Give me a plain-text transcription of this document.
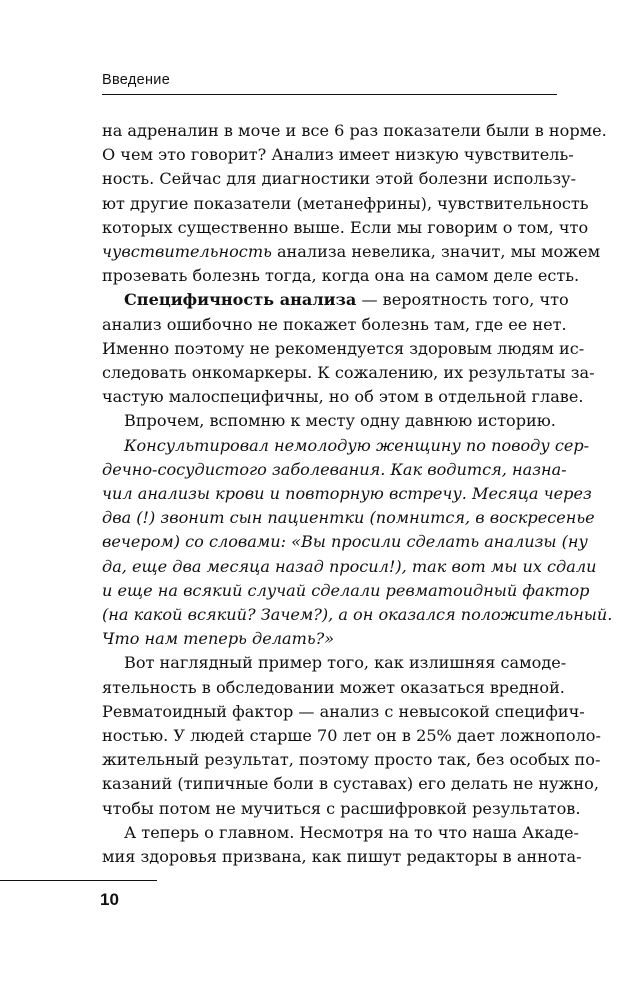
Введение
на адреналин в моче и все 6 раз показатели были в норме.
О чем это говорит? Анализ имеет низкую чувствитель-
ность. Сейчас для диагностики этой болезни использу-
ют другие показатели (метанефрины), чувствительность
которых существенно выше. Если мы говорим о том, что
чувствительность анализа невелика, значит, мы можем
прозевать болезнь тогда, когда она на самом деле есть.
Специфичность анализа — вероятность того, что
анализ ошибочно не покажет болезнь там, где ее нет.
Именно поэтому не рекомендуется здоровым людям ис-
следовать онкомаркеры. К сожалению, их результаты за-
частую малоспецифичны, но об этом в отдельной главе.
Впрочем, вспомню к месту одну давнюю историю.
Консультировал немолодую женщину по поводу сер-
дечно-сосудистого заболевания. Как водится, назна-
чил анализы крови и повторную встречу. Месяца через
два (!) звонит сын пациентки (помнится, в воскресенье
вечером) со словами: «Вы просили сделать анализы (ну
да, еще два месяца назад просил!), так вот мы их сдали
и еще на всякий случай сделали ревматоидный фактор
(на какой всякий? Зачем?), а он оказался положительный.
Что нам теперь делать?»
Вот наглядный пример того, как излишняя самоде-
ятельность в обследовании может оказаться вредной.
Ревматоидный фактор — анализ с невысокой специфич-
ностью. У людей старше 70 лет он в 25% дает ложнополо-
жительный результат, поэтому просто так, без особых по-
казаний (типичные боли в суставах) его делать не нужно,
чтобы потом не мучиться с расшифровкой результатов.
А теперь о главном. Несмотря на то что наша Акаде-
мия здоровья призвана, как пишут редакторы в аннота-
10
